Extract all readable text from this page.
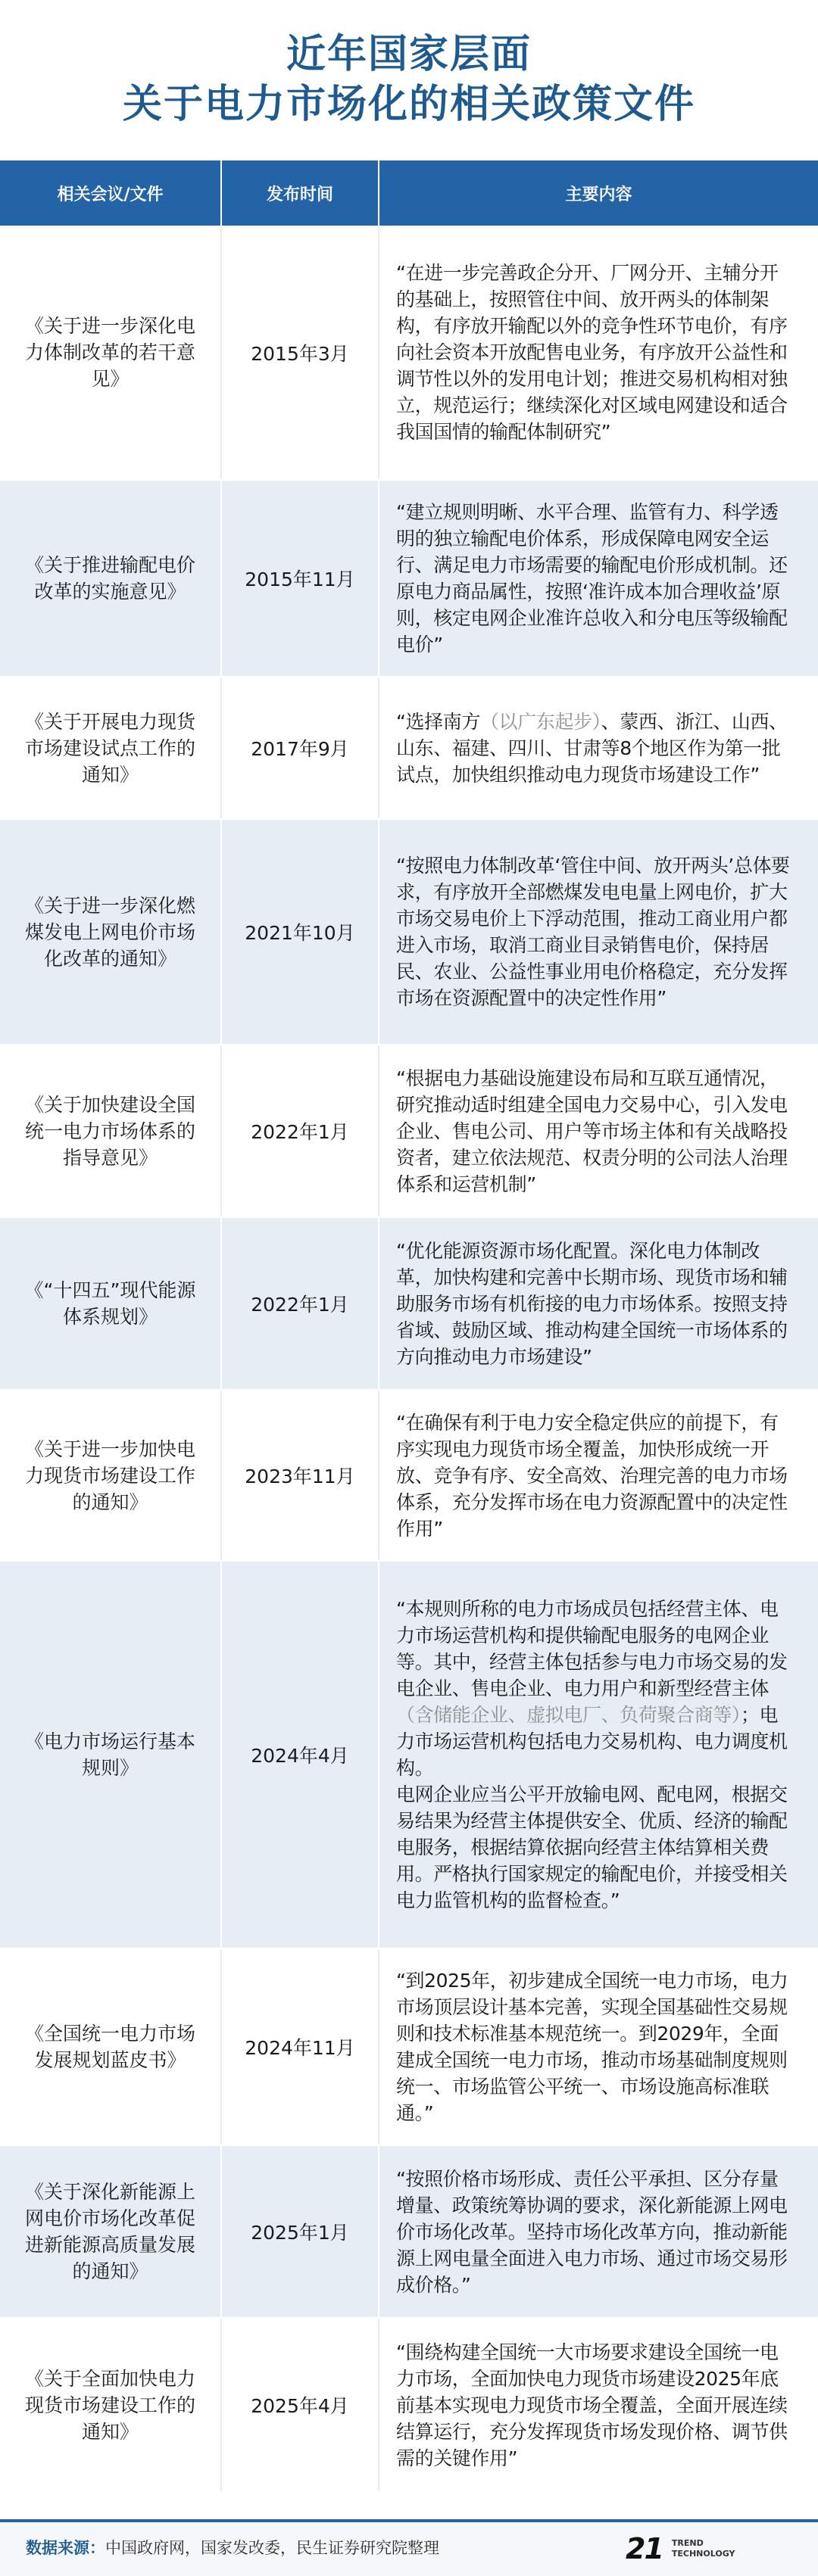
近年国家层面
关于电力市场化的相关政策文件
相关会议/文件	发布时间	主要内容
《关于进一步深化电力体制改革的若干意见》	2015年3月	“在进一步完善政企分开、厂网分开、主辅分开的基础上，按照管住中间、放开两头的体制架构，有序放开输配以外的竞争性环节电价，有序向社会资本开放配售电业务，有序放开公益性和调节性以外的发用电计划；推进交易机构相对独立，规范运行；继续深化对区域电网建设和适合我国国情的输配体制研究”
《关于推进输配电价改革的实施意见》	2015年11月	“建立规则明晰、水平合理、监管有力、科学透明的独立输配电价体系，形成保障电网安全运行、满足电力市场需要的输配电价形成机制。还原电力商品属性，按照‘准许成本加合理收益’原则，核定电网企业准许总收入和分电压等级输配电价”
《关于开展电力现货市场建设试点工作的通知》	2017年9月	“选择南方（以广东起步）、蒙西、浙江、山西、山东、福建、四川、甘肃等8个地区作为第一批试点，加快组织推动电力现货市场建设工作”
《关于进一步深化燃煤发电上网电价市场化改革的通知》	2021年10月	“按照电力体制改革‘管住中间、放开两头’总体要求，有序放开全部燃煤发电电量上网电价，扩大市场交易电价上下浮动范围，推动工商业用户都进入市场，取消工商业目录销售电价，保持居民、农业、公益性事业用电价格稳定，充分发挥市场在资源配置中的决定性作用”
《关于加快建设全国统一电力市场体系的指导意见》	2022年1月	“根据电力基础设施建设布局和互联互通情况，研究推动适时组建全国电力交易中心，引入发电企业、售电公司、用户等市场主体和有关战略投资者，建立依法规范、权责分明的公司法人治理体系和运营机制”
《“十四五”现代能源体系规划》	2022年1月	“优化能源资源市场化配置。深化电力体制改革，加快构建和完善中长期市场、现货市场和辅助服务市场有机衔接的电力市场体系。按照支持省域、鼓励区域、推动构建全国统一市场体系的方向推动电力市场建设”
《关于进一步加快电力现货市场建设工作的通知》	2023年11月	“在确保有利于电力安全稳定供应的前提下，有序实现电力现货市场全覆盖，加快形成统一开放、竞争有序、安全高效、治理完善的电力市场体系，充分发挥市场在电力资源配置中的决定性作用”
《电力市场运行基本规则》	2024年4月	“本规则所称的电力市场成员包括经营主体、电力市场运营机构和提供输配电服务的电网企业等。其中，经营主体包括参与电力市场交易的发电企业、售电企业、电力用户和新型经营主体（含储能企业、虚拟电厂、负荷聚合商等）；电力市场运营机构包括电力交易机构、电力调度机构。
电网企业应当公平开放输电网、配电网，根据交易结果为经营主体提供安全、优质、经济的输配电服务，根据结算依据向经营主体结算相关费用。严格执行国家规定的输配电价，并接受相关电力监管机构的监督检查。”
《全国统一电力市场发展规划蓝皮书》	2024年11月	“到2025年，初步建成全国统一电力市场，电力市场顶层设计基本完善，实现全国基础性交易规则和技术标准基本规范统一。到2029年，全面建成全国统一电力市场，推动市场基础制度规则统一、市场监管公平统一、市场设施高标准联通。”
《关于深化新能源上网电价市场化改革促进新能源高质量发展的通知》	2025年1月	“按照价格市场形成、责任公平承担、区分存量增量、政策统筹协调的要求，深化新能源上网电价市场化改革。坚持市场化改革方向，推动新能源上网电量全面进入电力市场、通过市场交易形成价格。”
《关于全面加快电力现货市场建设工作的通知》	2025年4月	“围绕构建全国统一大市场要求建设全国统一电力市场，全面加快电力现货市场建设2025年底前基本实现电力现货市场全覆盖，全面开展连续结算运行，充分发挥现货市场发现价格、调节供需的关键作用”
数据来源：中国政府网，国家发改委，民生证券研究院整理	21 TREND
TECHNOLOGY
